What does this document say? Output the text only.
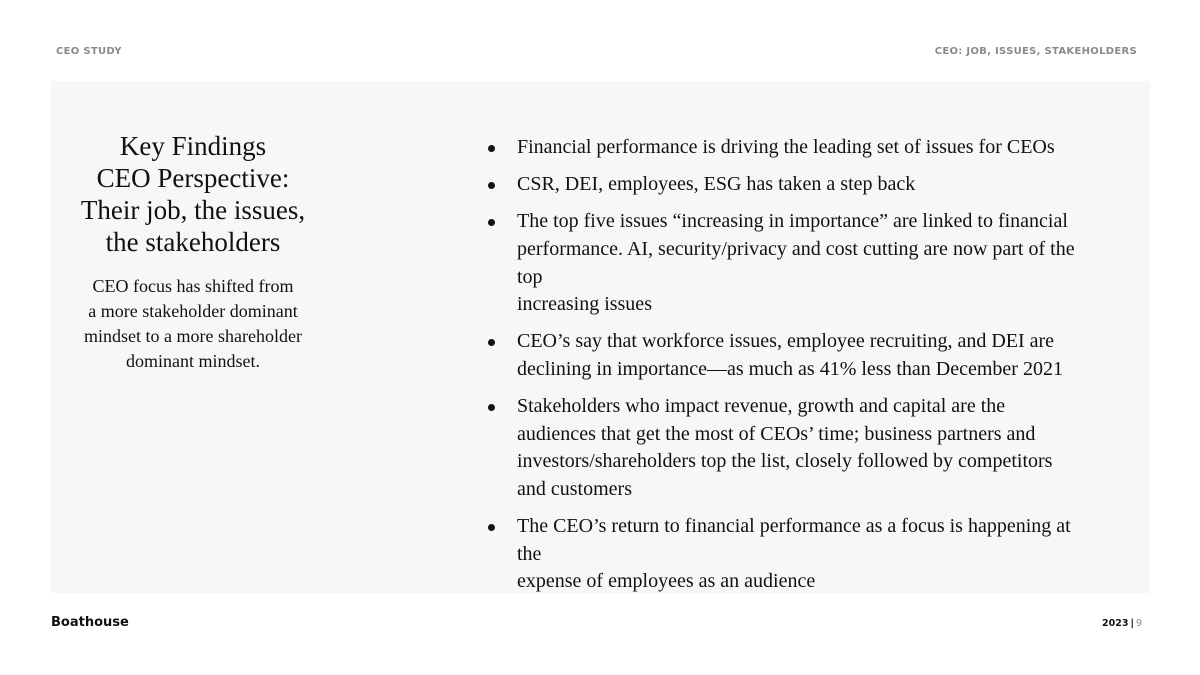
CEO STUDY	CEO: JOB, ISSUES, STAKEHOLDERS
Key Findings
CEO Perspective:
Their job, the issues,
the stakeholders
CEO focus has shifted from
a more stakeholder dominant
mindset to a more shareholder
dominant mindset.
Financial performance is driving the leading set of issues for CEOs
CSR, DEI, employees, ESG has taken a step back
The top five issues “increasing in importance” are linked to financial
performance. AI, security/privacy and cost cutting are now part of the top
increasing issues
CEO’s say that workforce issues, employee recruiting, and DEI are
declining in importance—as much as 41% less than December 2021
Stakeholders who impact revenue, growth and capital are the
audiences that get the most of CEOs’ time; business partners and
investors/shareholders top the list, closely followed by competitors
and customers
The CEO’s return to financial performance as a focus is happening at the
expense of employees as an audience
Boathouse	2023 | 9
